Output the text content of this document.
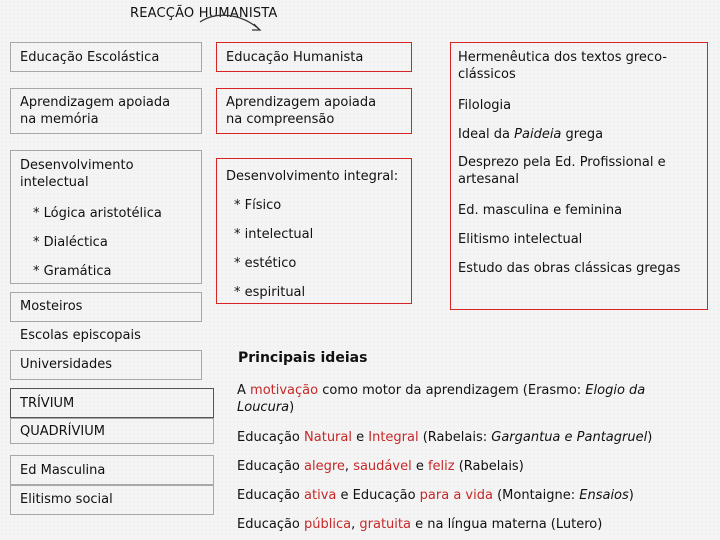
REACÇÃO HUMANISTA
Educação Escolástica
Aprendizagem apoiada na memória
Desenvolvimento intelectual
* Lógica aristotélica
* Dialéctica
* Gramática
Mosteiros
Escolas episcopais
Universidades
TRÍVIUM
QUADRÍVIUM
Ed Masculina
Elitismo social
Educação Humanista
Aprendizagem apoiada na compreensão
Desenvolvimento integral:
* Físico
* intelectual
* estético
* espiritual
Hermenêutica dos textos greco-clássicos
Filologia
Ideal da Paideia grega
Desprezo pela Ed. Profissional e artesanal
Ed. masculina e feminina
Elitismo intelectual
Estudo das obras clássicas gregas
Principais ideias
A motivação como motor da aprendizagem (Erasmo: Elogio da Loucura)
Educação Natural e Integral (Rabelais: Gargantua e Pantagruel)
Educação alegre, saudável e feliz (Rabelais)
Educação ativa e Educação para a vida (Montaigne: Ensaios)
Educação pública, gratuita e na língua materna (Lutero)
